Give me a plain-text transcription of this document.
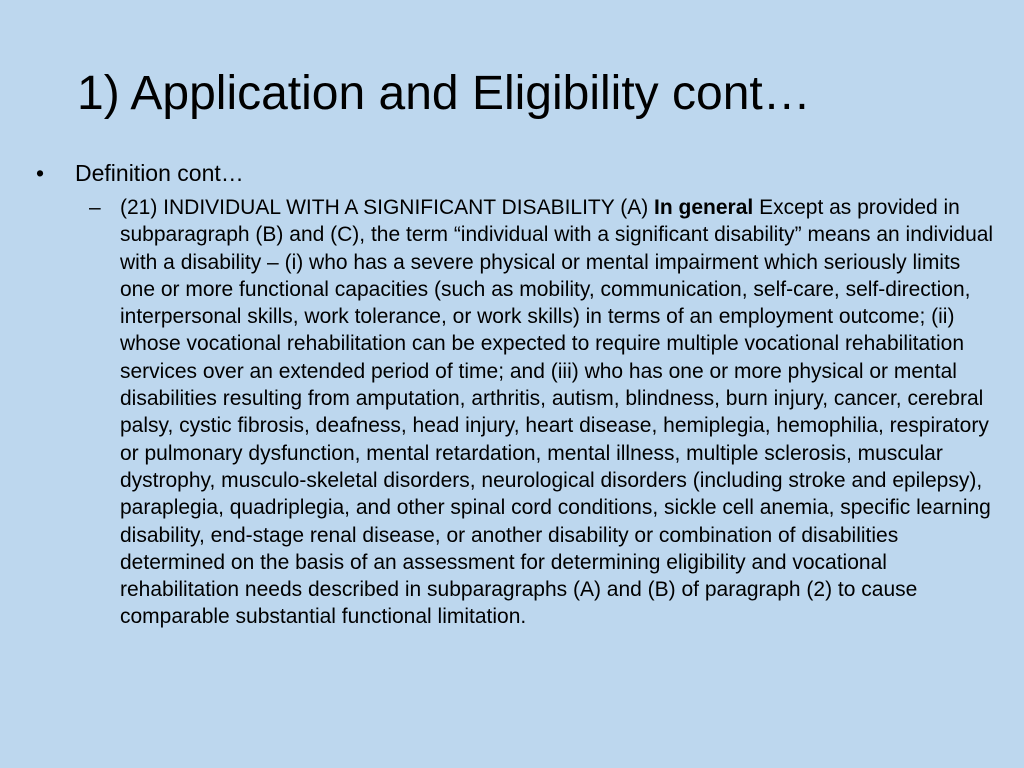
1) Application and Eligibility cont…
• Definition cont…
– (21) INDIVIDUAL WITH A SIGNIFICANT DISABILITY (A) In general Except as provided in subparagraph (B) and (C), the term “individual with a significant disability” means an individual with a disability – (i) who has a severe physical or mental impairment which seriously limits one or more functional capacities (such as mobility, communication, self-care, self-direction, interpersonal skills, work tolerance, or work skills) in terms of an employment outcome; (ii) whose vocational rehabilitation can be expected to require multiple vocational rehabilitation services over an extended period of time; and (iii) who has one or more physical or mental disabilities resulting from amputation, arthritis, autism, blindness, burn injury, cancer, cerebral palsy, cystic fibrosis, deafness, head injury, heart disease, hemiplegia, hemophilia, respiratory or pulmonary dysfunction, mental retardation, mental illness, multiple sclerosis, muscular dystrophy, musculo-skeletal disorders, neurological disorders (including stroke and epilepsy), paraplegia, quadriplegia, and other spinal cord conditions, sickle cell anemia, specific learning disability, end-stage renal disease, or another disability or combination of disabilities determined on the basis of an assessment for determining eligibility and vocational rehabilitation needs described in subparagraphs (A) and (B) of paragraph (2) to cause comparable substantial functional limitation.
